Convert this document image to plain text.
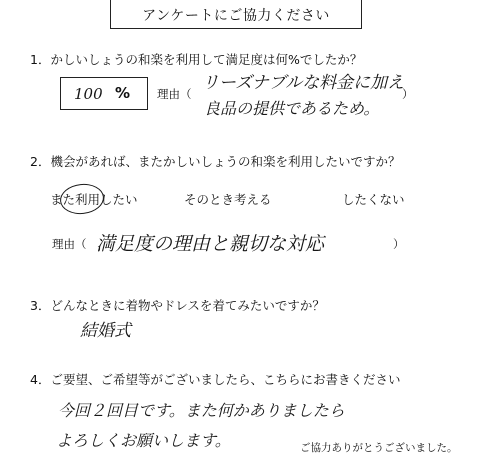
アンケートにご協力ください
1．かしいしょうの和楽を利用して満足度は何%でしたか？
100 % 理由（
リーズナブルな料金に加え
良品の提供であるため。
）
2．機会があれば、またかしいしょうの和楽を利用したいですか？
また利用したい	そのとき考える	したくない
理由（ 満足度の理由と親切な対応	）
3．どんなときに着物やドレスを着てみたいですか？
結婚式
4．ご要望、ご希望等がございましたら、こちらにお書きください
今回２回目です。また何かありましたら
よろしくお願いします。	ご協力ありがとうございました。
